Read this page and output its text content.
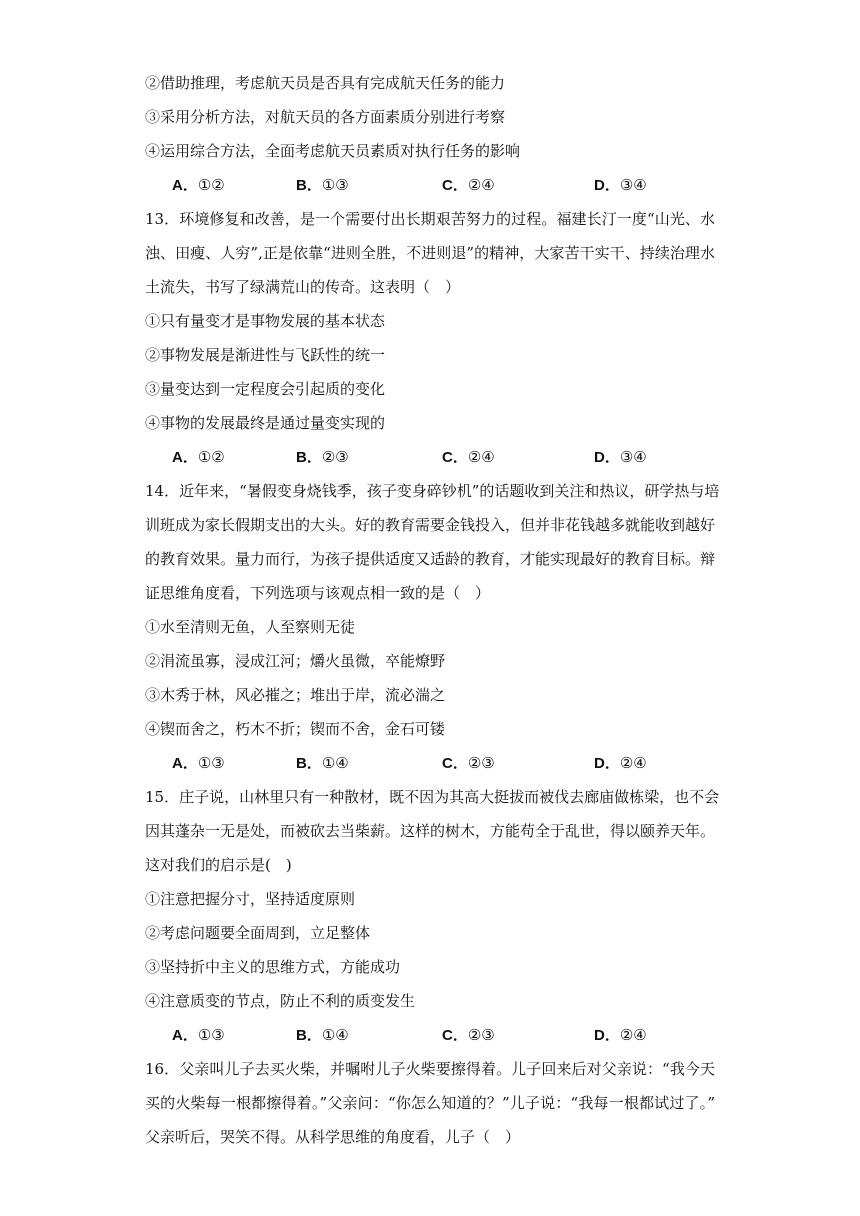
②借助推理，考虑航天员是否具有完成航天任务的能力
③采用分析方法，对航天员的各方面素质分别进行考察
④运用综合方法，全面考虑航天员素质对执行任务的影响
A．①②	B．①③	C．②④	D．③④
13．环境修复和改善，是一个需要付出长期艰苦努力的过程。福建长汀一度“山光、水
浊、田瘦、人穷”,正是依靠“进则全胜，不进则退”的精神，大家苦干实干、持续治理水
土流失，书写了绿满荒山的传奇。这表明（　）
①只有量变才是事物发展的基本状态
②事物发展是渐进性与飞跃性的统一
③量变达到一定程度会引起质的变化
④事物的发展最终是通过量变实现的
A．①②	B．②③	C．②④	D．③④
14．近年来，“暑假变身烧钱季，孩子变身碎钞机”的话题收到关注和热议，研学热与培
训班成为家长假期支出的大头。好的教育需要金钱投入，但并非花钱越多就能收到越好
的教育效果。量力而行，为孩子提供适度又适龄的教育，才能实现最好的教育目标。辩
证思维角度看，下列选项与该观点相一致的是（　）
①水至清则无鱼，人至察则无徒
②涓流虽寡，浸成江河；爝火虽微，卒能燎野
③木秀于林，风必摧之；堆出于岸，流必湍之
④锲而舍之，朽木不折；锲而不舍，金石可镂
A．①③	B．①④	C．②③	D．②④
15．庄子说，山林里只有一种散材，既不因为其高大挺拔而被伐去廊庙做栋梁，也不会
因其蓬杂一无是处，而被砍去当柴薪。这样的树木，方能苟全于乱世，得以颐养天年。
这对我们的启示是(　)
①注意把握分寸，坚持适度原则
②考虑问题要全面周到，立足整体
③坚持折中主义的思维方式，方能成功
④注意质变的节点，防止不利的质变发生
A．①③	B．①④	C．②③	D．②④
16．父亲叫儿子去买火柴，并嘱咐儿子火柴要擦得着。儿子回来后对父亲说：“我今天
买的火柴每一根都擦得着。”父亲问：“你怎么知道的？”儿子说：“我每一根都试过了。”
父亲听后，哭笑不得。从科学思维的角度看，儿子（　）
